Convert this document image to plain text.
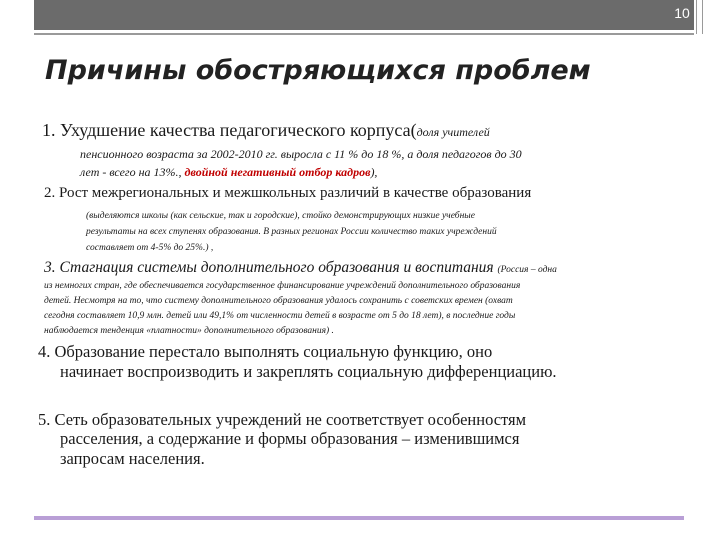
10
Причины обостряющихся проблем
1. Ухудшение качества педагогического корпуса(доля учителей
пенсионного возраста за 2002-2010 гг. выросла с 11 % до 18 %, а доля педагогов до 30
лет - всего на 13%., двойной негативный отбор кадров),
2. Рост межрегиональных и межшкольных различий в качестве образования
(выделяются школы (как сельские, так и городские), стойко демонстрирующих низкие учебные
результаты на всех ступенях образования. В разных регионах России количество таких учреждений
составляет от 4-5% до 25%.) ,
3. Стагнация системы дополнительного образования и воспитания (Россия – одна
из немногих стран, где обеспечивается государственное финансирование учреждений дополнительного образования
детей. Несмотря на то, что систему дополнительного образования удалось сохранить с советских времен (охват
сегодня составляет 10,9 млн. детей или 49,1% от численности детей в возрасте от 5 до 18 лет), в последние годы
наблюдается тенденция «платности» дополнительного образования) .
4. Образование перестало выполнять социальную функцию, оно
начинает воспроизводить и закреплять социальную дифференциацию.
5. Сеть образовательных учреждений не соответствует особенностям
расселения, а содержание и формы образования – изменившимся
запросам населения.
